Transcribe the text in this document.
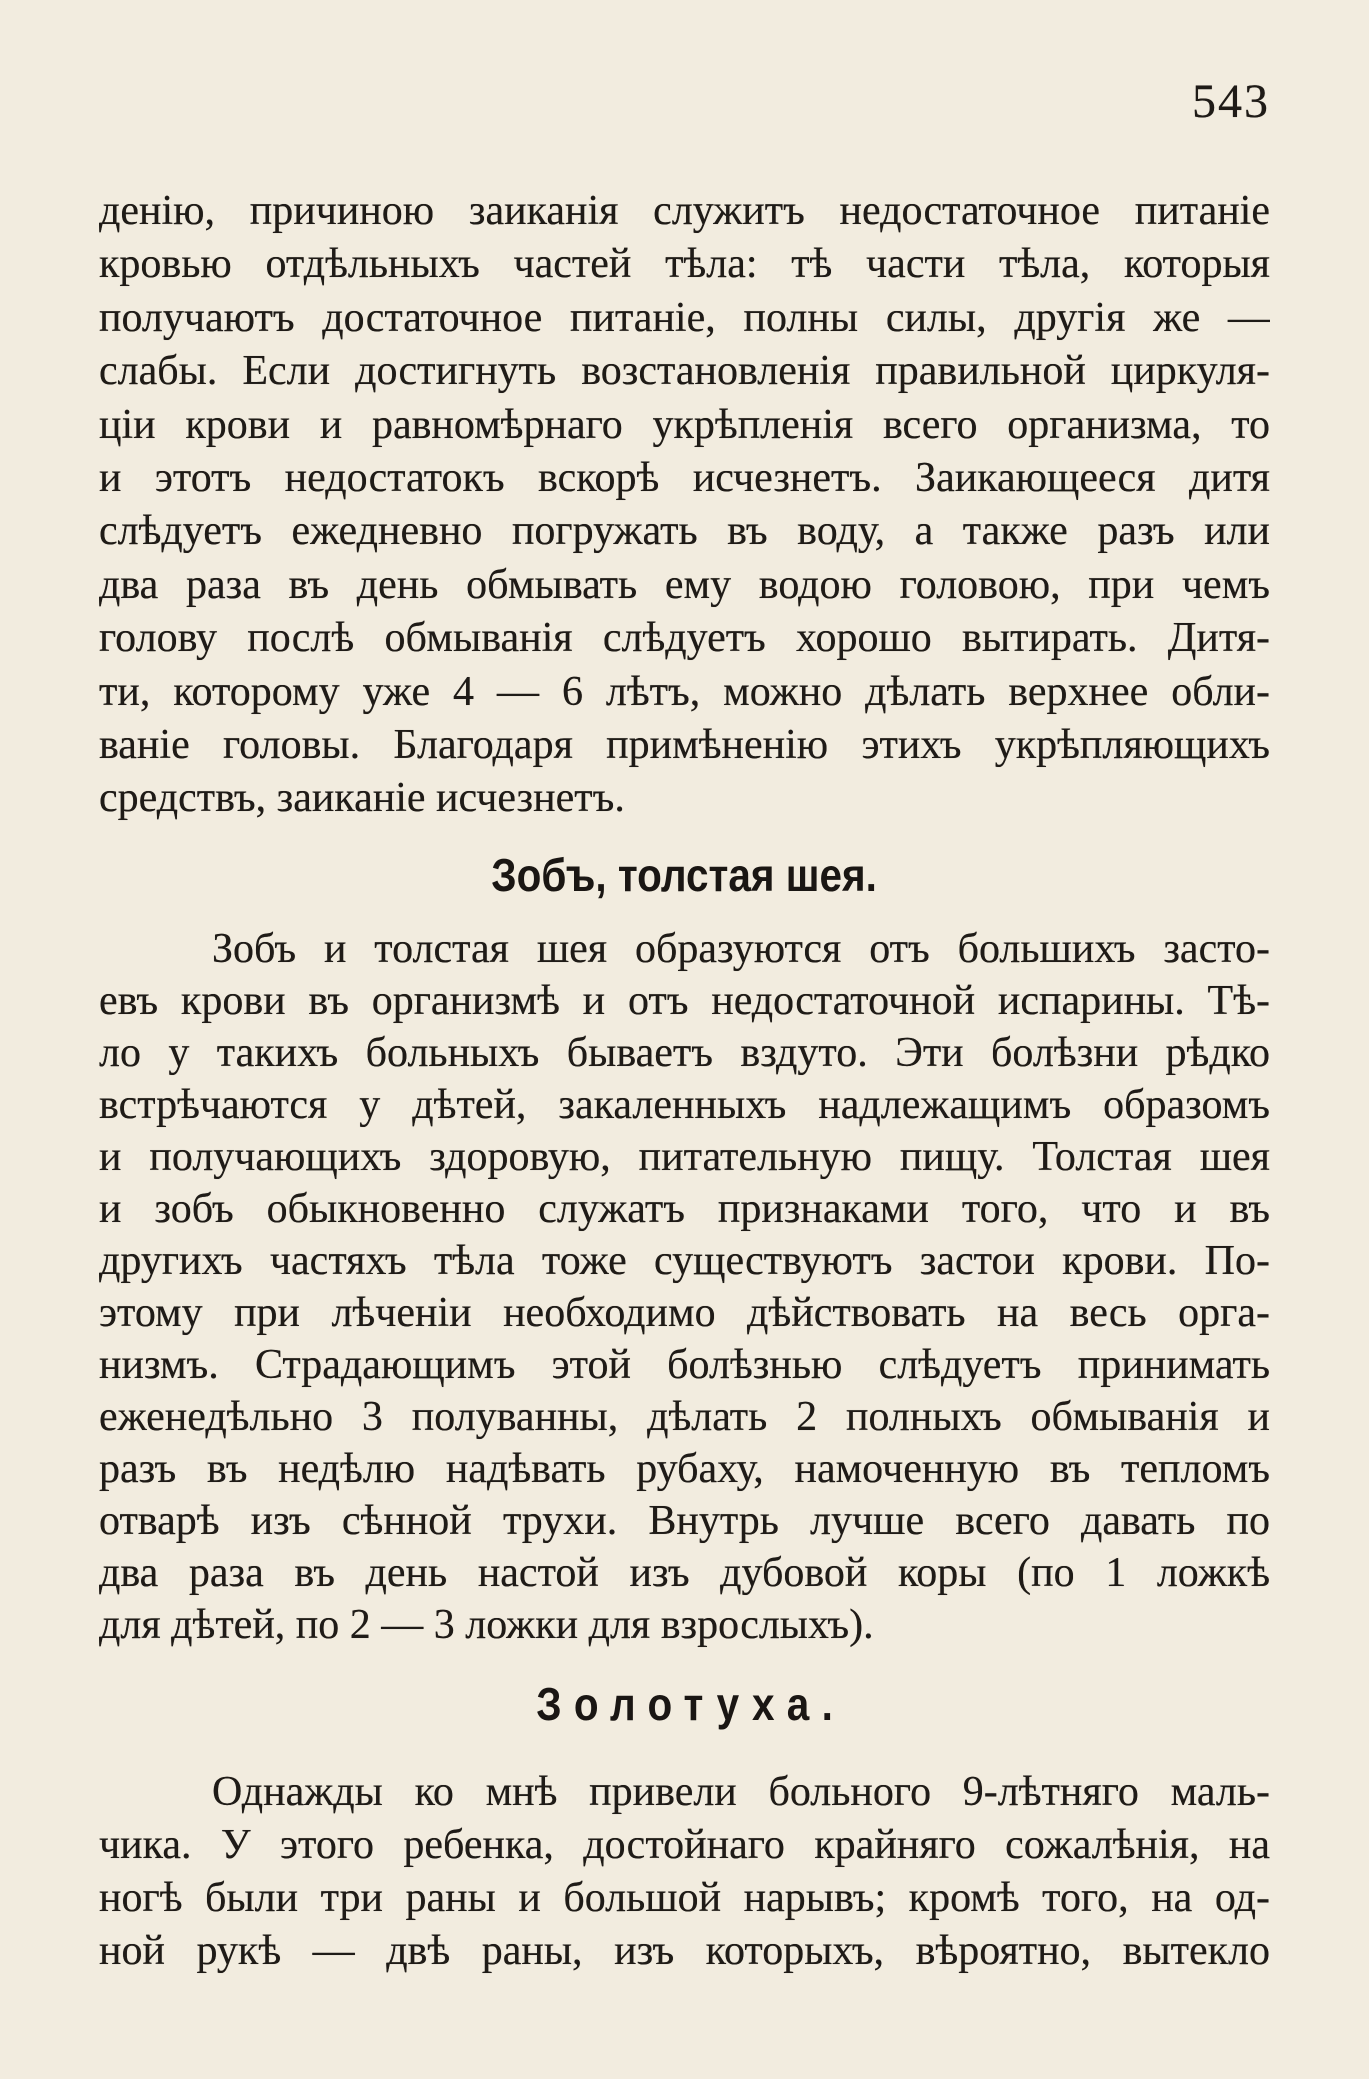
543
денію, причиною заиканія служитъ недостаточное питаніе
кровью отдѣльныхъ частей тѣла: тѣ части тѣла, которыя
получаютъ достаточное питаніе, полны силы, другія же —
слабы. Если достигнуть возстановленія правильной циркуля-
ціи крови и равномѣрнаго укрѣпленія всего организма, то
и этотъ недостатокъ вскорѣ исчезнетъ. Заикающееся дитя
слѣдуетъ ежедневно погружать въ воду, а также разъ или
два раза въ день обмывать ему водою головою, при чемъ
голову послѣ обмыванія слѣдуетъ хорошо вытирать. Дитя-
ти, которому уже 4 — 6 лѣтъ, можно дѣлать верхнее обли-
ваніе головы. Благодаря примѣненію этихъ укрѣпляющихъ
средствъ, заиканіе исчезнетъ.
Зобъ, толстая шея.
Зобъ и толстая шея образуются отъ большихъ засто-
евъ крови въ организмѣ и отъ недостаточной испарины. Тѣ-
ло у такихъ больныхъ бываетъ вздуто. Эти болѣзни рѣдко
встрѣчаются у дѣтей, закаленныхъ надлежащимъ образомъ
и получающихъ здоровую, питательную пищу. Толстая шея
и зобъ обыкновенно служатъ признаками того, что и въ
другихъ частяхъ тѣла тоже существуютъ застои крови. По-
этому при лѣченіи необходимо дѣйствовать на весь орга-
низмъ. Страдающимъ этой болѣзнью слѣдуетъ принимать
еженедѣльно 3 полуванны, дѣлать 2 полныхъ обмыванія и
разъ въ недѣлю надѣвать рубаху, намоченную въ тепломъ
отварѣ изъ сѣнной трухи. Внутрь лучше всего давать по
два раза въ день настой изъ дубовой коры (по 1 ложкѣ
для дѣтей, по 2 — 3 ложки для взрослыхъ).
Золотуха.
Однажды ко мнѣ привели больного 9-лѣтняго маль-
чика. У этого ребенка, достойнаго крайняго сожалѣнія, на
ногѣ были три раны и большой нарывъ; кромѣ того, на од-
ной рукѣ — двѣ раны, изъ которыхъ, вѣроятно, вытекло
